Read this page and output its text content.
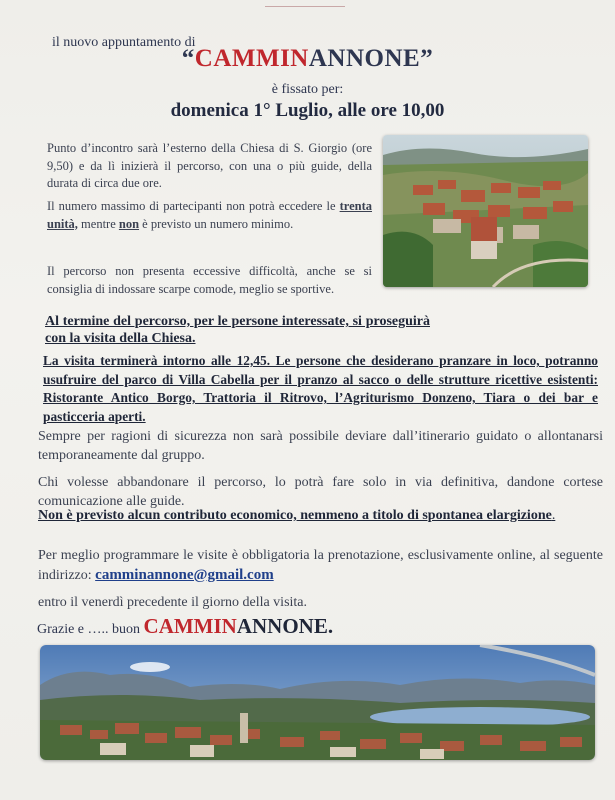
il nuovo appuntamento di
“CAMMINANNONE”
è fissato per:
domenica 1° Luglio, alle ore 10,00
Punto d’incontro sarà l’esterno della Chiesa di S. Giorgio (ore 9,50) e da lì inizierà il percorso, con una o più guide, della durata di circa due ore.
Il numero massimo di partecipanti non potrà eccedere le trenta unità, mentre non è previsto un numero minimo.
Il percorso non presenta eccessive difficoltà, anche se si consiglia di indossare scarpe comode, meglio se sportive.
Al termine del percorso, per le persone interessate, si proseguirà con la visita della Chiesa.
La visita terminerà intorno alle 12,45. Le persone che desiderano pranzare in loco, potranno usufruire del parco di Villa Cabella per il pranzo al sacco o delle strutture ricettive esistenti: Ristorante Antico Borgo, Trattoria il Ritrovo, l’Agriturismo Donzeno, Tiara o dei bar e pasticceria aperti.
Sempre per ragioni di sicurezza non sarà possibile deviare dall’itinerario guidato o allontanarsi temporaneamente dal gruppo.
Chi volesse abbandonare il percorso, lo potrà fare solo in via definitiva, dandone cortese comunicazione alle guide.
Non è previsto alcun contributo economico, nemmeno a titolo di spontanea elargizione.
Per meglio programmare le visite è obbligatoria la prenotazione, esclusivamente online, al seguente indirizzo: camminannone@gmail.com
entro il venerdì precedente il giorno della visita.
Grazie e ….. buon CAMMINANNONE.
